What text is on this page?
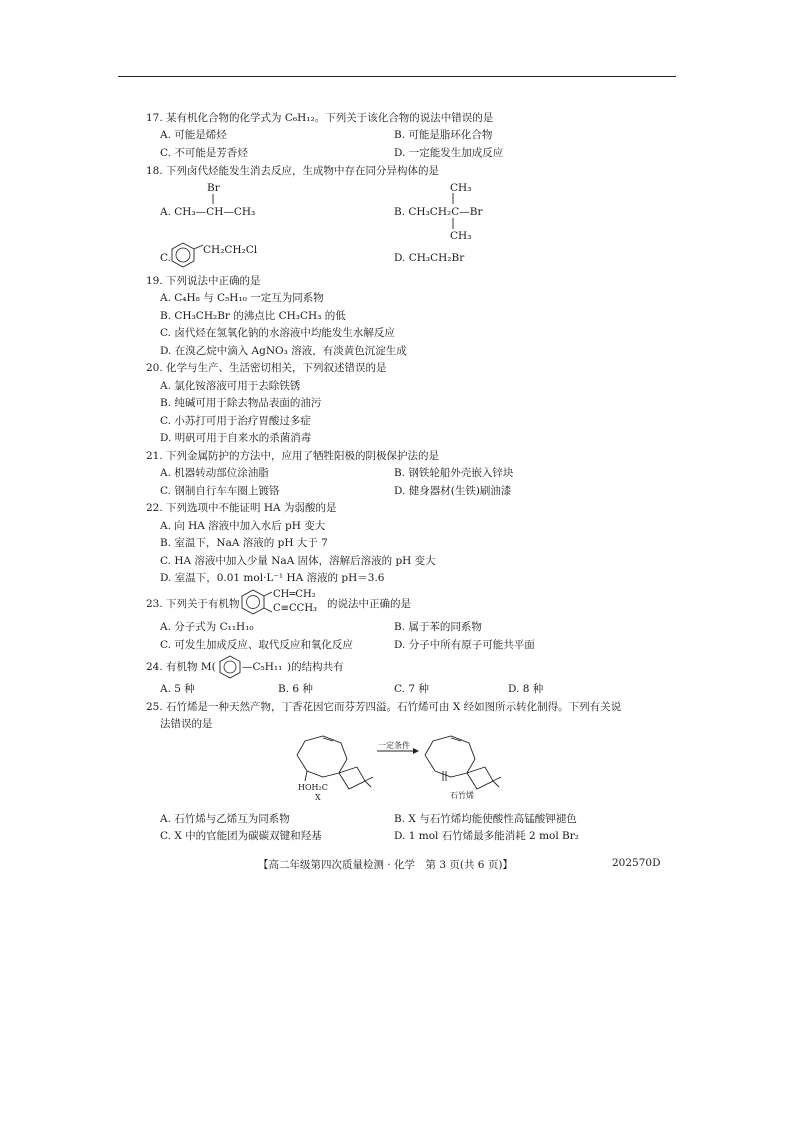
17. 某有机化合物的化学式为 C₆H₁₂。下列关于该化合物的说法中错误的是
A. 可能是烯烃	B. 可能是脂环化合物
C. 不可能是芳香烃	D. 一定能发生加成反应
18. 下列卤代烃能发生消去反应，生成物中存在同分异构体的是
Br
A. CH₃—CH—CH₃
CH₃
B. CH₃CH₂C—Br
CH₃
C.
CH₂CH₂Cl
D. CH₃CH₂Br
19. 下列说法中正确的是
A. C₄H₈ 与 C₅H₁₀ 一定互为同系物
B. CH₃CH₂Br 的沸点比 CH₃CH₃ 的低
C. 卤代烃在氢氧化钠的水溶液中均能发生水解反应
D. 在溴乙烷中滴入 AgNO₃ 溶液，有淡黄色沉淀生成
20. 化学与生产、生活密切相关，下列叙述错误的是
A. 氯化铵溶液可用于去除铁锈
B. 纯碱可用于除去物品表面的油污
C. 小苏打可用于治疗胃酸过多症
D. 明矾可用于自来水的杀菌消毒
21. 下列金属防护的方法中，应用了牺牲阳极的阴极保护法的是
A. 机器转动部位涂油脂	B. 钢铁轮船外壳嵌入锌块
C. 钢制自行车车圈上镀铬	D. 健身器材(生铁)刷油漆
22. 下列选项中不能证明 HA 为弱酸的是
A. 向 HA 溶液中加入水后 pH 变大
B. 室温下，NaA 溶液的 pH 大于 7
C. HA 溶液中加入少量 NaA 固体，溶解后溶液的 pH 变大
D. 室温下，0.01 mol·L⁻¹ HA 溶液的 pH＝3.6
23. 下列关于有机物
CH═CH₂
C≡CCH₃ 的说法中正确的是
A. 分子式为 C₁₁H₁₀	B. 属于苯的同系物
C. 可发生加成反应、取代反应和氧化反应	D. 分子中所有原子可能共平面
24. 有机物 M(	—C₅H₁₁ )的结构共有
A. 5 种	B. 6 种	C. 7 种	D. 8 种
25. 石竹烯是一种天然产物，丁香花因它而芬芳四溢。石竹烯可由 X 经如图所示转化制得。下列有关说
法错误的是
一定条件
HOH₂C
X	石竹烯
A. 石竹烯与乙烯互为同系物	B. X 与石竹烯均能使酸性高锰酸钾褪色
C. X 中的官能团为碳碳双键和羟基	D. 1 mol 石竹烯最多能消耗 2 mol Br₂
【高二年级第四次质量检测 · 化学　第 3 页(共 6 页)】	202570D
